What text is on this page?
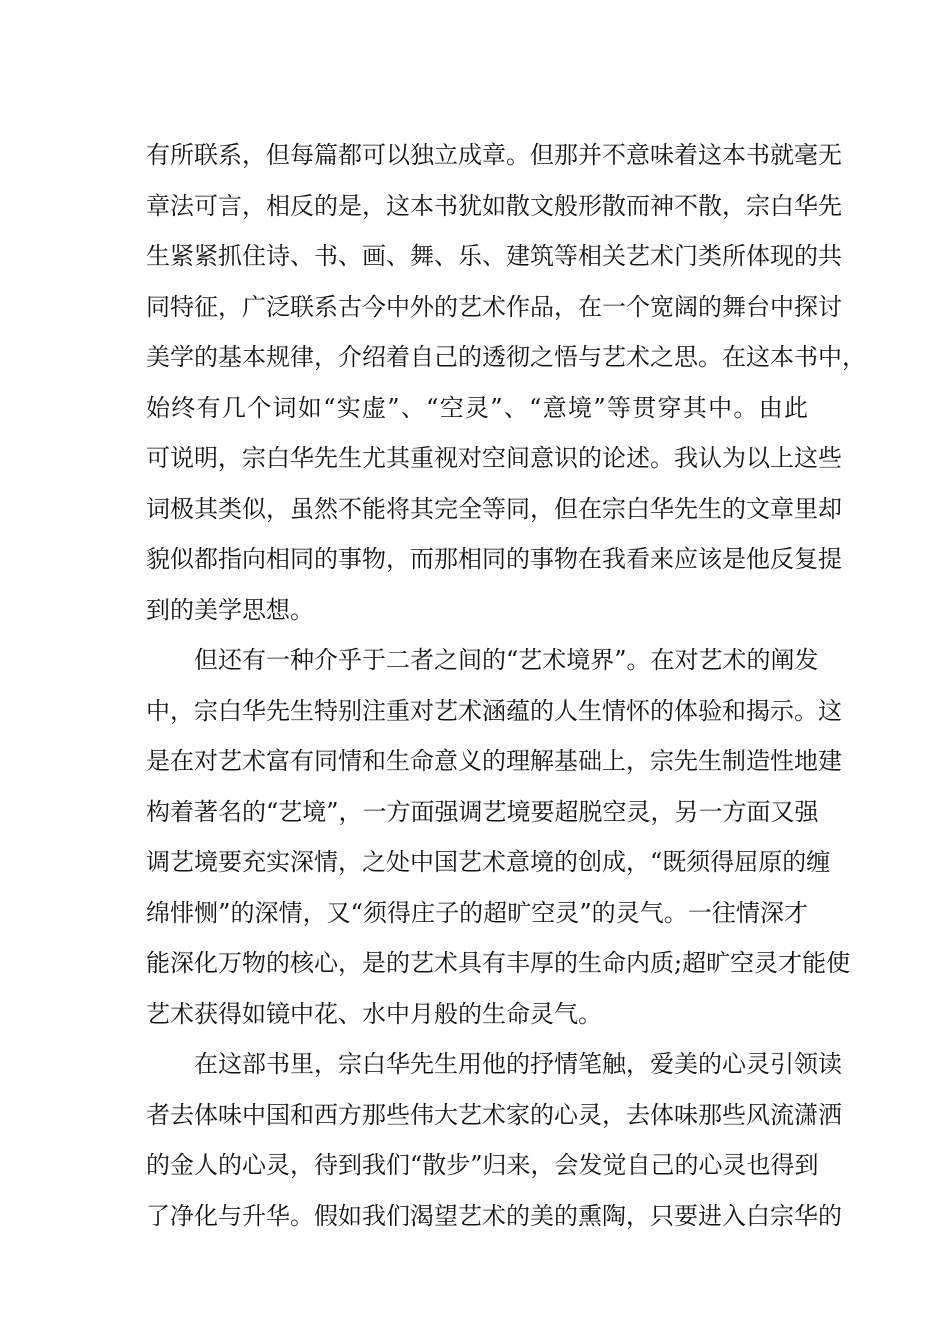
有所联系，但每篇都可以独立成章。但那并不意味着这本书就毫无
章法可言，相反的是，这本书犹如散文般形散而神不散，宗白华先
生紧紧抓住诗、书、画、舞、乐、建筑等相关艺术门类所体现的共
同特征，广泛联系古今中外的艺术作品，在一个宽阔的舞台中探讨
美学的基本规律，介绍着自己的透彻之悟与艺术之思。在这本书中，
始终有几个词如“实虚”、“空灵”、“意境”等贯穿其中。由此
可说明，宗白华先生尤其重视对空间意识的论述。我认为以上这些
词极其类似，虽然不能将其完全等同，但在宗白华先生的文章里却
貌似都指向相同的事物，而那相同的事物在我看来应该是他反复提
到的美学思想。
但还有一种介乎于二者之间的“艺术境界”。在对艺术的阐发
中，宗白华先生特别注重对艺术涵蕴的人生情怀的体验和揭示。这
是在对艺术富有同情和生命意义的理解基础上，宗先生制造性地建
构着著名的“艺境”，一方面强调艺境要超脱空灵，另一方面又强
调艺境要充实深情，之处中国艺术意境的创成，“既须得屈原的缠
绵悱恻”的深情，又“须得庄子的超旷空灵”的灵气。一往情深才
能深化万物的核心，是的艺术具有丰厚的生命内质;超旷空灵才能使
艺术获得如镜中花、水中月般的生命灵气。
在这部书里，宗白华先生用他的抒情笔触，爱美的心灵引领读
者去体味中国和西方那些伟大艺术家的心灵，去体味那些风流潇洒
的金人的心灵，待到我们“散步”归来，会发觉自己的心灵也得到
了净化与升华。假如我们渴望艺术的美的熏陶，只要进入白宗华的
